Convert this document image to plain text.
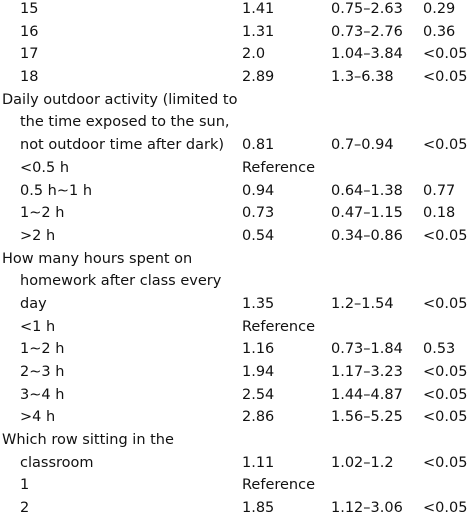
15	1.41	0.75–2.63 0.29
16	1.31	0.73–2.76 0.36
17	2.0	1.04–3.84 <0.05
18	2.89	1.3–6.38 <0.05
Daily outdoor activity (limited to
the time exposed to the sun,
not outdoor time after dark) 0.81	0.7–0.94 <0.05
<0.5 h	Reference
0.5 h∼1 h	0.94	0.64–1.38 0.77
1∼2 h	0.73	0.47–1.15 0.18
>2 h	0.54	0.34–0.86 <0.05
How many hours spent on
homework after class every
day	1.35	1.2–1.54 <0.05
<1 h	Reference
1∼2 h	1.16	0.73–1.84 0.53
2∼3 h	1.94	1.17–3.23 <0.05
3∼4 h	2.54	1.44–4.87 <0.05
>4 h	2.86	1.56–5.25 <0.05
Which row sitting in the
classroom	1.11	1.02–1.2 <0.05
1	Reference
2	1.85	1.12–3.06 <0.05
